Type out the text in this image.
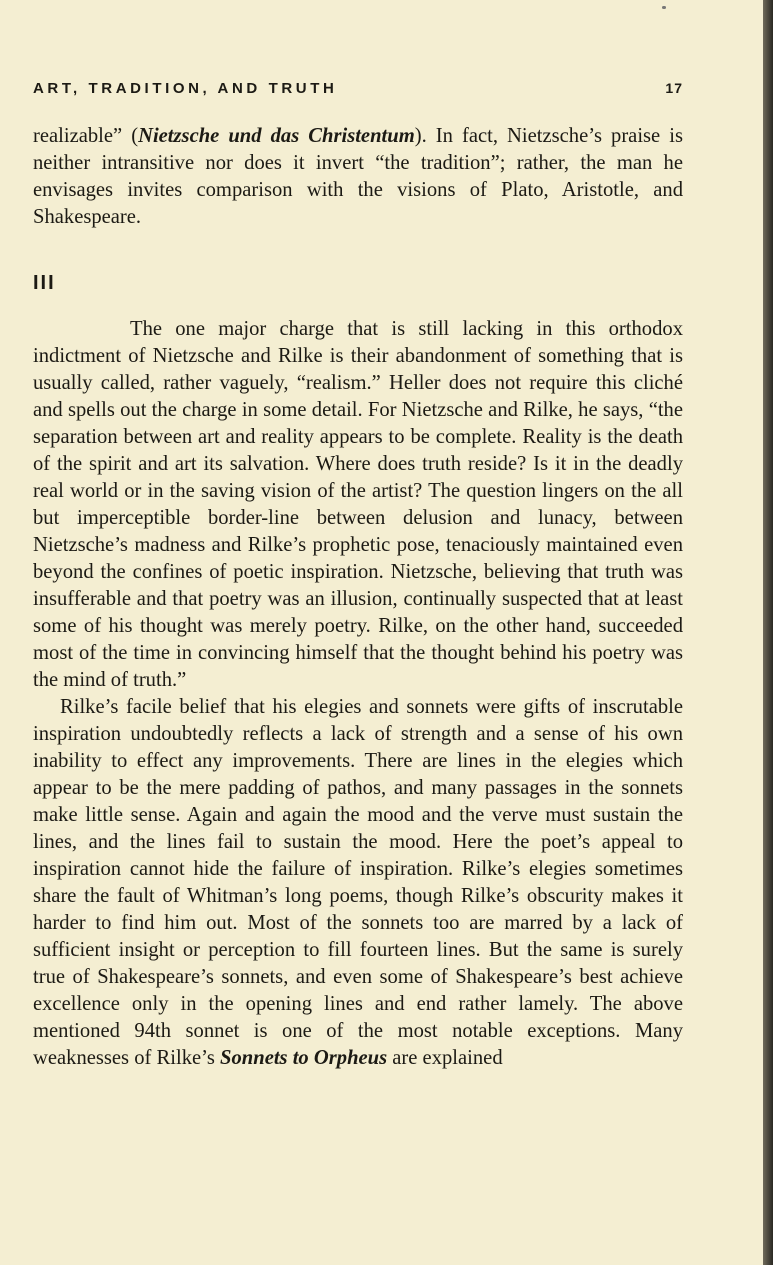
ART, TRADITION, AND TRUTH	17

realizable” (Nietzsche und das Christentum). In fact, Nietzsche’s praise is neither intransitive nor does it invert “the tradition”; rather, the man he envisages invites comparison with the visions of Plato, Aristotle, and Shakespeare.

III

The one major charge that is still lacking in this orthodox indictment of Nietzsche and Rilke is their abandonment of something that is usually called, rather vaguely, “realism.” Heller does not require this cliché and spells out the charge in some detail. For Nietzsche and Rilke, he says, “the separation between art and reality appears to be complete. Reality is the death of the spirit and art its salvation. Where does truth reside? Is it in the deadly real world or in the saving vision of the artist? The question lingers on the all but imperceptible border-line between delusion and lunacy, between Nietzsche’s madness and Rilke’s prophetic pose, tenaciously maintained even beyond the confines of poetic inspiration. Nietzsche, believing that truth was insufferable and that poetry was an illusion, continually suspected that at least some of his thought was merely poetry. Rilke, on the other hand, succeeded most of the time in convincing himself that the thought behind his poetry was the mind of truth.”

Rilke’s facile belief that his elegies and sonnets were gifts of inscrutable inspiration undoubtedly reflects a lack of strength and a sense of his own inability to effect any improvements. There are lines in the elegies which appear to be the mere padding of pathos, and many passages in the sonnets make little sense. Again and again the mood and the verve must sustain the lines, and the lines fail to sustain the mood. Here the poet’s appeal to inspiration cannot hide the failure of inspiration. Rilke’s elegies sometimes share the fault of Whitman’s long poems, though Rilke’s obscurity makes it harder to find him out. Most of the sonnets too are marred by a lack of sufficient insight or perception to fill fourteen lines. But the same is surely true of Shakespeare’s sonnets, and even some of Shakespeare’s best achieve excellence only in the opening lines and end rather lamely. The above mentioned 94th sonnet is one of the most notable exceptions. Many weaknesses of Rilke’s Sonnets to Orpheus are explained
